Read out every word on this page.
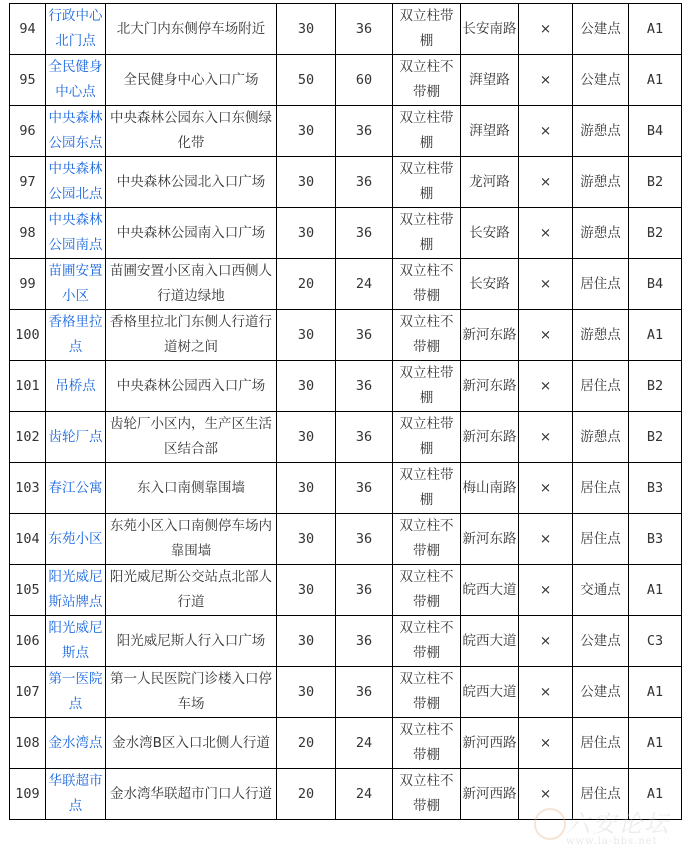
94	行政中心北门点	北大门内东侧停车场附近	30	36	双立柱带棚	长安南路	×	公建点	A1
95	全民健身中心点	全民健身中心入口广场	50	60	双立柱不带棚	湃望路	×	公建点	A1
96	中央森林公园东点	中央森林公园东入口东侧绿化带	30	36	双立柱带棚	湃望路	×	游憩点	B4
97	中央森林公园北点	中央森林公园北入口广场	30	36	双立柱带棚	龙河路	×	游憩点	B2
98	中央森林公园南点	中央森林公园南入口广场	30	36	双立柱带棚	长安路	×	游憩点	B2
99	苗圃安置小区	苗圃安置小区南入口西侧人行道边绿地	20	24	双立柱不带棚	长安路	×	居住点	B4
100	香格里拉点	香格里拉北门东侧人行道行道树之间	30	36	双立柱不带棚	新河东路	×	游憩点	A1
101	吊桥点	中央森林公园西入口广场	30	36	双立柱带棚	新河东路	×	居住点	B2
102	齿轮厂点	齿轮厂小区内，生产区生活区结合部	30	36	双立柱带棚	新河东路	×	游憩点	B2
103	春江公寓	东入口南侧靠围墙	30	36	双立柱带棚	梅山南路	×	居住点	B3
104	东苑小区	东苑小区入口南侧停车场内靠围墙	30	36	双立柱不带棚	新河东路	×	居住点	B3
105	阳光威尼斯站牌点	阳光威尼斯公交站点北部人行道	30	36	双立柱不带棚	皖西大道	×	交通点	A1
106	阳光威尼斯点	阳光威尼斯人行入口广场	30	36	双立柱不带棚	皖西大道	×	公建点	C3
107	第一医院点	第一人民医院门诊楼入口停车场	30	36	双立柱不带棚	皖西大道	×	公建点	A1
108	金水湾点	金水湾B区入口北侧人行道	20	24	双立柱不带棚	新河西路	×	居住点	A1
109	华联超市点	金水湾华联超市门口人行道	20	24	双立柱不带棚	新河西路	×	居住点	A1
六安论坛
www.la-bbs.net
